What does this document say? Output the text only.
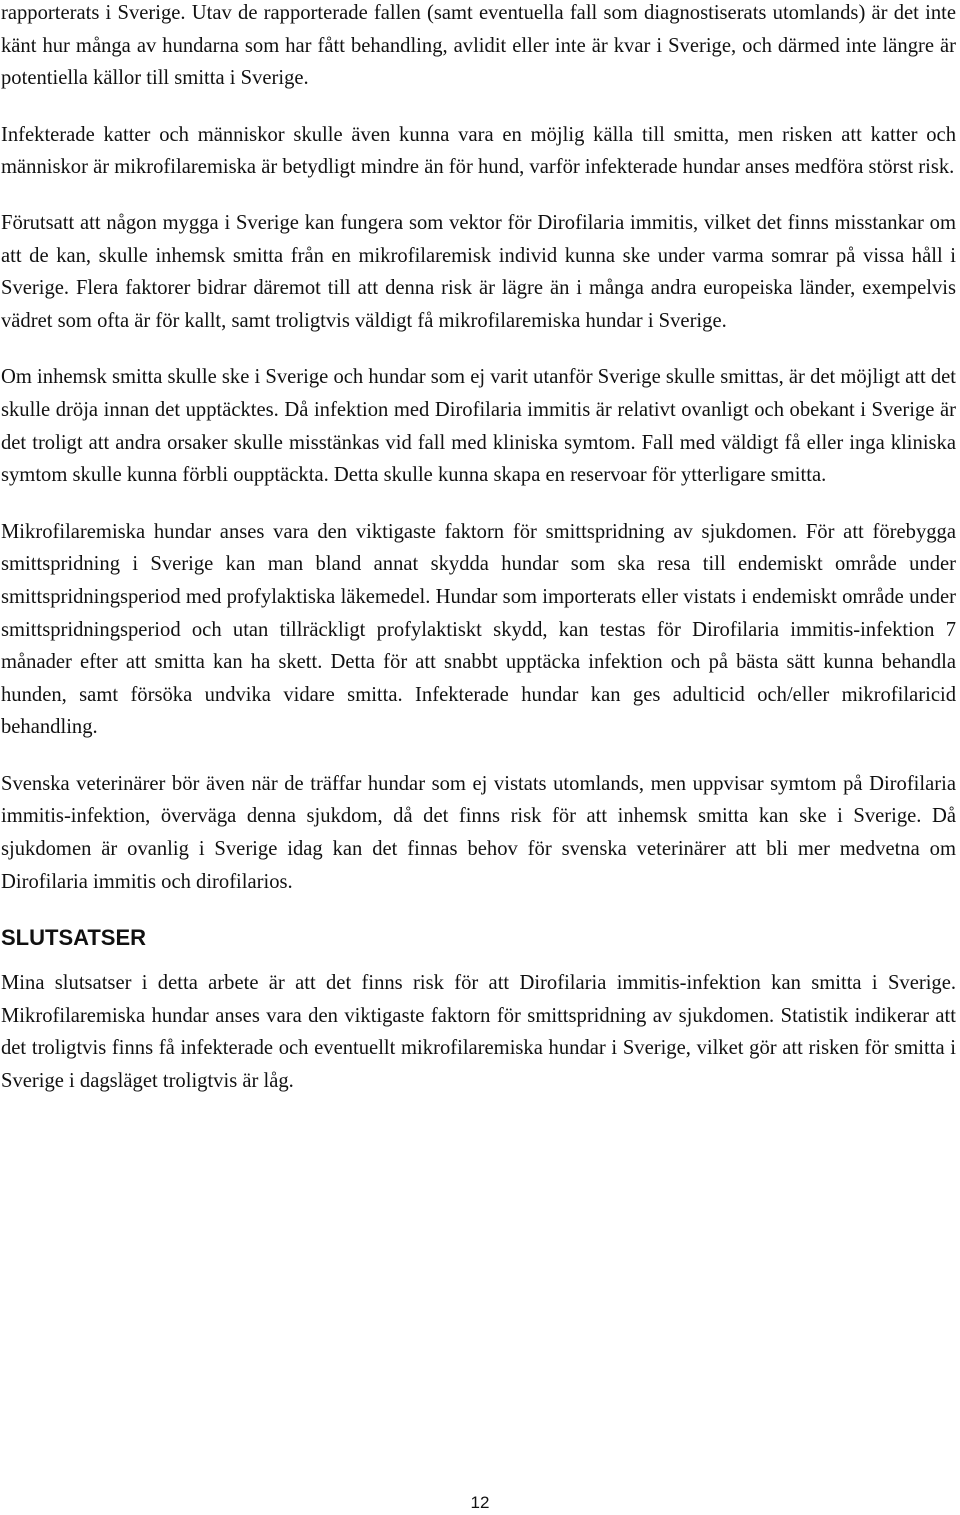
rapporterats i Sverige. Utav de rapporterade fallen (samt eventuella fall som diagnostiserats utomlands) är det inte känt hur många av hundarna som har fått behandling, avlidit eller inte är kvar i Sverige, och därmed inte längre är potentiella källor till smitta i Sverige.

Infekterade katter och människor skulle även kunna vara en möjlig källa till smitta, men risken att katter och människor är mikrofilaremiska är betydligt mindre än för hund, varför infekterade hundar anses medföra störst risk.

Förutsatt att någon mygga i Sverige kan fungera som vektor för Dirofilaria immitis, vilket det finns misstankar om att de kan, skulle inhemsk smitta från en mikrofilaremisk individ kunna ske under varma somrar på vissa håll i Sverige. Flera faktorer bidrar däremot till att denna risk är lägre än i många andra europeiska länder, exempelvis vädret som ofta är för kallt, samt troligtvis väldigt få mikrofilaremiska hundar i Sverige.

Om inhemsk smitta skulle ske i Sverige och hundar som ej varit utanför Sverige skulle smittas, är det möjligt att det skulle dröja innan det upptäcktes. Då infektion med Dirofilaria immitis är relativt ovanligt och obekant i Sverige är det troligt att andra orsaker skulle misstänkas vid fall med kliniska symtom. Fall med väldigt få eller inga kliniska symtom skulle kunna förbli oupptäckta. Detta skulle kunna skapa en reservoar för ytterligare smitta.

Mikrofilaremiska hundar anses vara den viktigaste faktorn för smittspridning av sjukdomen. För att förebygga smittspridning i Sverige kan man bland annat skydda hundar som ska resa till endemiskt område under smittspridningsperiod med profylaktiska läkemedel. Hundar som importerats eller vistats i endemiskt område under smittspridningsperiod och utan tillräckligt profylaktiskt skydd, kan testas för Dirofilaria immitis-infektion 7 månader efter att smitta kan ha skett. Detta för att snabbt upptäcka infektion och på bästa sätt kunna behandla hunden, samt försöka undvika vidare smitta. Infekterade hundar kan ges adulticid och/eller mikrofilaricid behandling.

Svenska veterinärer bör även när de träffar hundar som ej vistats utomlands, men uppvisar symtom på Dirofilaria immitis-infektion, överväga denna sjukdom, då det finns risk för att inhemsk smitta kan ske i Sverige. Då sjukdomen är ovanlig i Sverige idag kan det finnas behov för svenska veterinärer att bli mer medvetna om Dirofilaria immitis och dirofilarios.

SLUTSATSER

Mina slutsatser i detta arbete är att det finns risk för att Dirofilaria immitis-infektion kan smitta i Sverige. Mikrofilaremiska hundar anses vara den viktigaste faktorn för smittspridning av sjukdomen. Statistik indikerar att det troligtvis finns få infekterade och eventuellt mikrofilaremiska hundar i Sverige, vilket gör att risken för smitta i Sverige i dagsläget troligtvis är låg.

12
